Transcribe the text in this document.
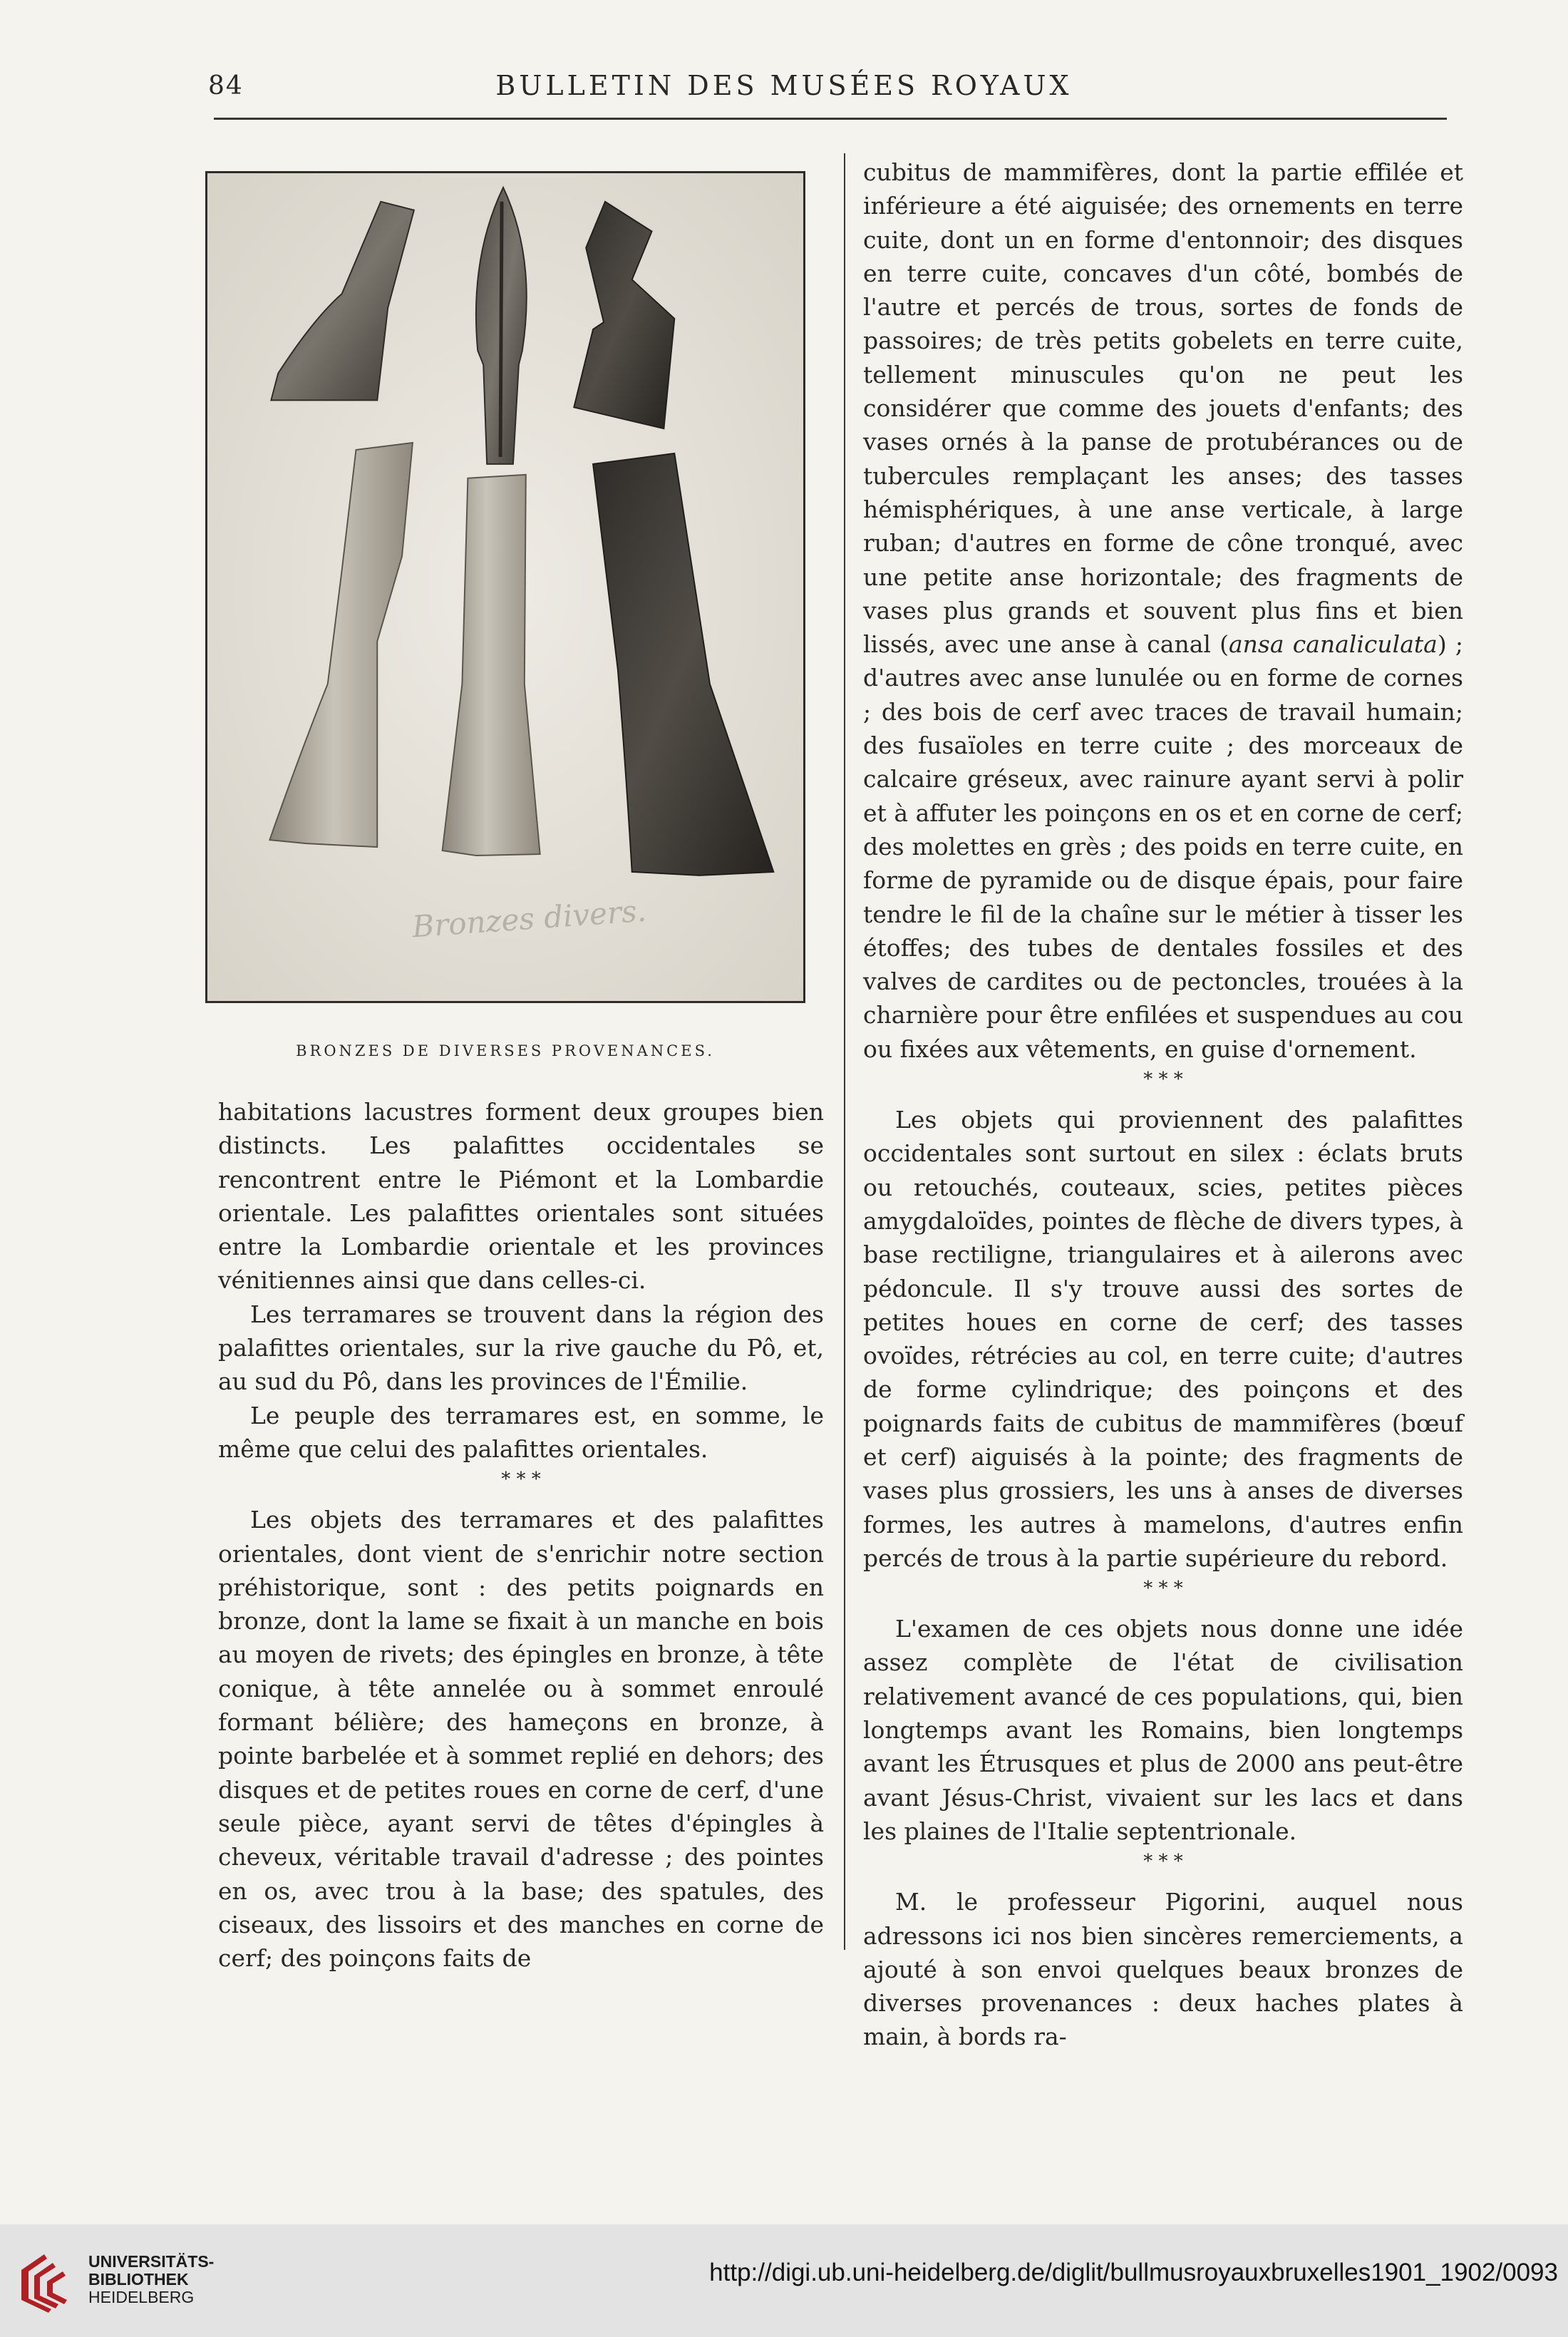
84	BULLETIN DES MUSÉES ROYAUX
Bronzes divers.
BRONZES DE DIVERSES PROVENANCES.

cubitus de mammifères, dont la partie effilée et inférieure a été aiguisée; des ornements en terre cuite, dont un en forme d'entonnoir; des disques en terre cuite, concaves d'un côté, bombés de l'autre et percés de trous, sortes de fonds de passoires; de très petits gobelets en terre cuite, tellement minuscules qu'on ne peut les considérer que comme des jouets d'enfants; des vases ornés à la panse de protubérances ou de tubercules remplaçant les anses; des tasses hémisphériques, à une anse verticale, à large ruban; d'autres en forme de cône tronqué, avec une petite anse horizontale; des fragments de vases plus grands et souvent plus fins et bien lissés, avec une anse à canal (ansa canaliculata) ; d'autres avec anse lunulée ou en forme de cornes ; des bois de cerf avec traces de travail humain; des fusaïoles en terre cuite ; des morceaux de calcaire gréseux, avec rainure ayant servi à polir et à affuter les poinçons en os et en corne de cerf; des molettes en grès ; des poids en terre cuite, en forme de pyramide ou de disque épais, pour faire tendre le fil de la chaîne sur le métier à tisser les étoffes; des tubes de dentales fossiles et des valves de cardites ou de pectoncles, trouées à la charnière pour être enfilées et suspendues au cou ou fixées aux vêtements, en guise d'ornement.

* * *

Les objets qui proviennent des palafittes occidentales sont surtout en silex : éclats bruts ou retouchés, couteaux, scies, petites pièces amygdaloïdes, pointes de flèche de divers types, à base rectiligne, triangulaires et à ailerons avec pédoncule. Il s'y trouve aussi des sortes de petites houes en corne de cerf; des tasses ovoïdes, rétrécies au col, en terre cuite; d'autres de forme cylindrique; des poinçons et des poignards faits de cubitus de mammifères (bœuf et cerf) aiguisés à la pointe; des fragments de vases plus grossiers, les uns à anses de diverses formes, les autres à mamelons, d'autres enfin percés de trous à la partie supérieure du rebord.

* * *

L'examen de ces objets nous donne une idée assez complète de l'état de civilisation relativement avancé de ces populations, qui, bien longtemps avant les Romains, bien longtemps avant les Étrusques et plus de 2000 ans peut-être avant Jésus-Christ, vivaient sur les lacs et dans les plaines de l'Italie septentrionale.

* * *

M. le professeur Pigorini, auquel nous adressons ici nos bien sincères remerciements, a ajouté à son envoi quelques beaux bronzes de diverses provenances : deux haches plates à main, à bords ra-

habitations lacustres forment deux groupes bien distincts. Les palafittes occidentales se rencontrent entre le Piémont et la Lombardie orientale. Les palafittes orientales sont situées entre la Lombardie orientale et les provinces vénitiennes ainsi que dans celles-ci.

Les terramares se trouvent dans la région des palafittes orientales, sur la rive gauche du Pô, et, au sud du Pô, dans les provinces de l'Émilie.

Le peuple des terramares est, en somme, le même que celui des palafittes orientales.

* * *

Les objets des terramares et des palafittes orientales, dont vient de s'enrichir notre section préhistorique, sont : des petits poignards en bronze, dont la lame se fixait à un manche en bois au moyen de rivets; des épingles en bronze, à tête conique, à tête annelée ou à sommet enroulé formant bélière; des hameçons en bronze, à pointe barbelée et à sommet replié en dehors; des disques et de petites roues en corne de cerf, d'une seule pièce, ayant servi de têtes d'épingles à cheveux, véritable travail d'adresse ; des pointes en os, avec trou à la base; des spatules, des ciseaux, des lissoirs et des manches en corne de cerf; des poinçons faits de

UNIVERSITÄTS-
BIBLIOTHEK
HEIDELBERG
http://digi.ub.uni-heidelberg.de/diglit/bullmusroyauxbruxelles1901_1902/0093
